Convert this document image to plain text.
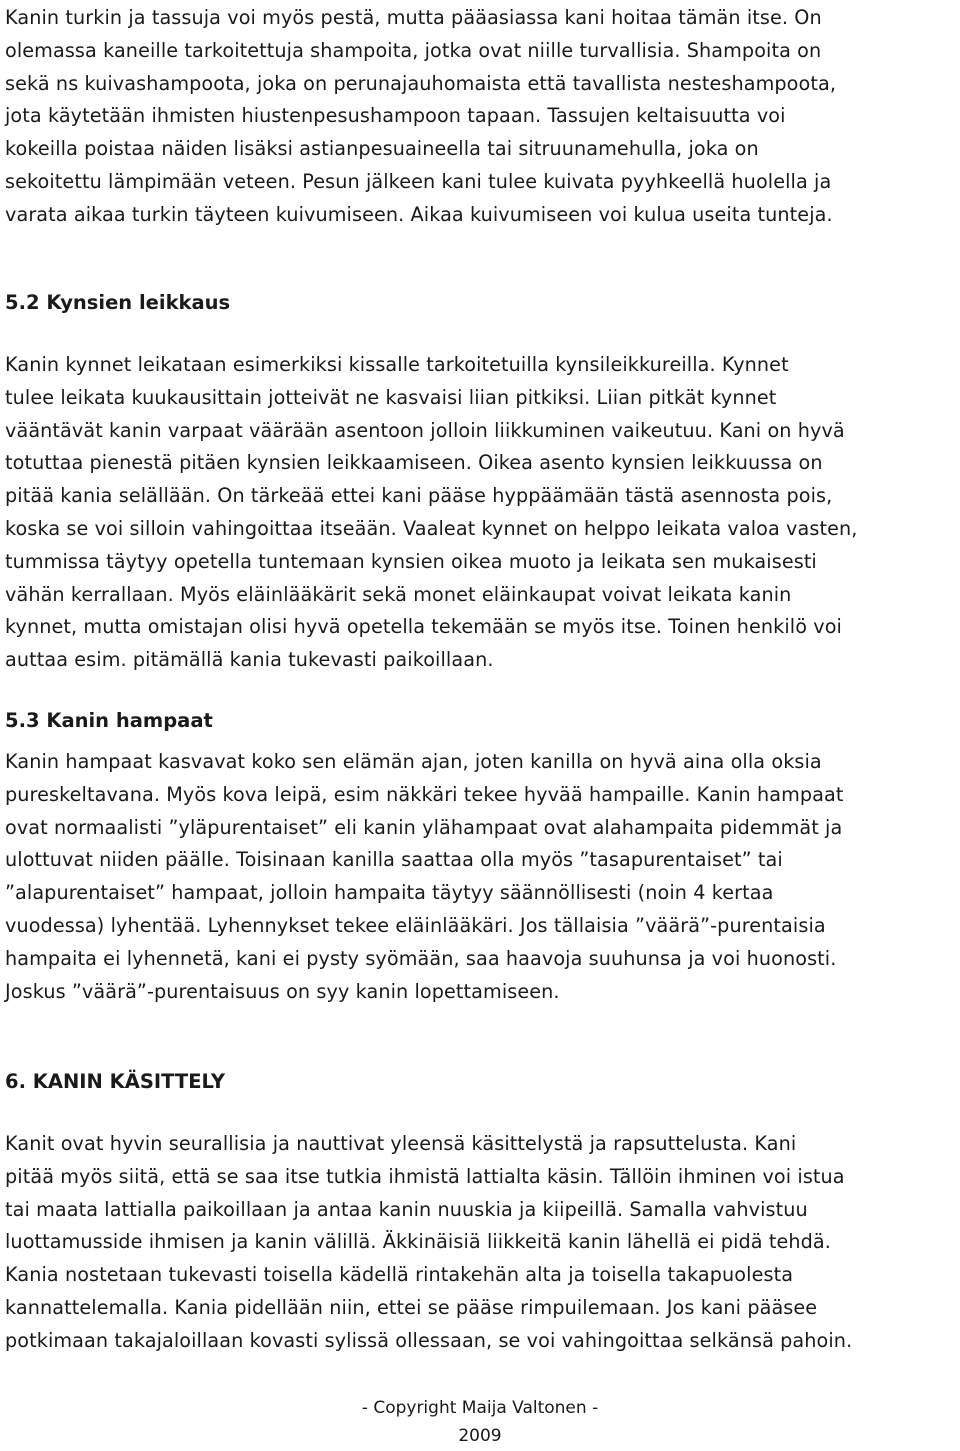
Kanin turkin ja tassuja voi myös pestä, mutta pääasiassa kani hoitaa tämän itse. On
olemassa kaneille tarkoitettuja shampoita, jotka ovat niille turvallisia. Shampoita on
sekä ns kuivashampoota, joka on perunajauhomaista että tavallista nesteshampoota,
jota käytetään ihmisten hiustenpesushampoon tapaan. Tassujen keltaisuutta voi
kokeilla poistaa näiden lisäksi astianpesuaineella tai sitruunamehulla, joka on
sekoitettu lämpimään veteen. Pesun jälkeen kani tulee kuivata pyyhkeellä huolella ja
varata aikaa turkin täyteen kuivumiseen. Aikaa kuivumiseen voi kulua useita tunteja.
5.2 Kynsien leikkaus
Kanin kynnet leikataan esimerkiksi kissalle tarkoitetuilla kynsileikkureilla. Kynnet
tulee leikata kuukausittain jotteivät ne kasvaisi liian pitkiksi. Liian pitkät kynnet
vääntävät kanin varpaat väärään asentoon jolloin liikkuminen vaikeutuu. Kani on hyvä
totuttaa pienestä pitäen kynsien leikkaamiseen. Oikea asento kynsien leikkuussa on
pitää kania selällään. On tärkeää ettei kani pääse hyppäämään tästä asennosta pois,
koska se voi silloin vahingoittaa itseään. Vaaleat kynnet on helppo leikata valoa vasten,
tummissa täytyy opetella tuntemaan kynsien oikea muoto ja leikata sen mukaisesti
vähän kerrallaan. Myös eläinlääkärit sekä monet eläinkaupat voivat leikata kanin
kynnet, mutta omistajan olisi hyvä opetella tekemään se myös itse. Toinen henkilö voi
auttaa esim. pitämällä kania tukevasti paikoillaan.
5.3 Kanin hampaat
Kanin hampaat kasvavat koko sen elämän ajan, joten kanilla on hyvä aina olla oksia
pureskeltavana. Myös kova leipä, esim näkkäri tekee hyvää hampaille. Kanin hampaat
ovat normaalisti ”yläpurentaiset” eli kanin ylähampaat ovat alahampaita pidemmät ja
ulottuvat niiden päälle. Toisinaan kanilla saattaa olla myös ”tasapurentaiset” tai
”alapurentaiset” hampaat, jolloin hampaita täytyy säännöllisesti (noin 4 kertaa
vuodessa) lyhentää. Lyhennykset tekee eläinlääkäri. Jos tällaisia ”väärä”-purentaisia
hampaita ei lyhennetä, kani ei pysty syömään, saa haavoja suuhunsa ja voi huonosti.
Joskus ”väärä”-purentaisuus on syy kanin lopettamiseen.
6. KANIN KÄSITTELY
Kanit ovat hyvin seurallisia ja nauttivat yleensä käsittelystä ja rapsuttelusta. Kani
pitää myös siitä, että se saa itse tutkia ihmistä lattialta käsin. Tällöin ihminen voi istua
tai maata lattialla paikoillaan ja antaa kanin nuuskia ja kiipeillä. Samalla vahvistuu
luottamusside ihmisen ja kanin välillä. Äkkinäisiä liikkeitä kanin lähellä ei pidä tehdä.
Kania nostetaan tukevasti toisella kädellä rintakehän alta ja toisella takapuolesta
kannattelemalla. Kania pidellään niin, ettei se pääse rimpuilemaan. Jos kani pääsee
potkimaan takajaloillaan kovasti sylissä ollessaan, se voi vahingoittaa selkänsä pahoin.
- Copyright Maija Valtonen -
2009
